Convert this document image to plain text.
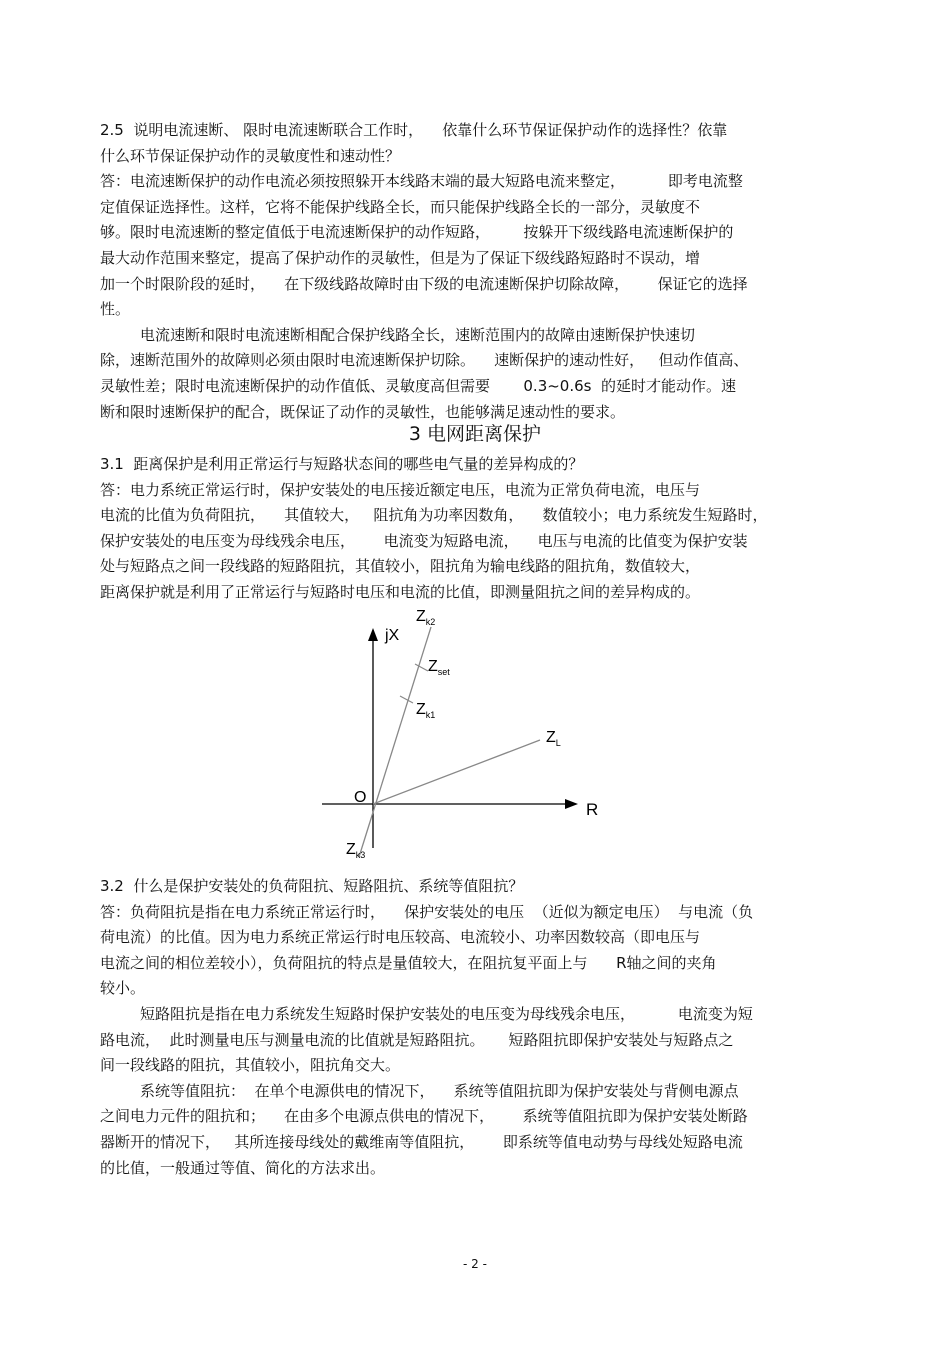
2.5  说明电流速断、 限时电流速断联合工作时，    依靠什么环节保证保护动作的选择性？依靠
什么环节保证保护动作的灵敏度性和速动性？
答：电流速断保护的动作电流必须按照躲开本线路末端的最大短路电流来整定，         即考电流整
定值保证选择性。这样，它将不能保护线路全长，而只能保护线路全长的一部分，灵敏度不
够。限时电流速断的整定值低于电流速断保护的动作短路，       按躲开下级线路电流速断保护的
最大动作范围来整定，提高了保护动作的灵敏性，但是为了保证下级线路短路时不误动，增
加一个时限阶段的延时，    在下级线路故障时由下级的电流速断保护切除故障，      保证它的选择
性。
电流速断和限时电流速断相配合保护线路全长，速断范围内的故障由速断保护快速切
除，速断范围外的故障则必须由限时电流速断保护切除。    速断保护的速动性好，   但动作值高、
灵敏性差；限时电流速断保护的动作值低、灵敏度高但需要       0.3~0.6s  的延时才能动作。速
断和限时速断保护的配合，既保证了动作的灵敏性，也能够满足速动性的要求。
3 电网距离保护
3.1  距离保护是利用正常运行与短路状态间的哪些电气量的差异构成的？
答：电力系统正常运行时，保护安装处的电压接近额定电压，电流为正常负荷电流，电压与
电流的比值为负荷阻抗，    其值较大，   阻抗角为功率因数角，    数值较小；电力系统发生短路时，
保护安装处的电压变为母线残余电压，      电流变为短路电流，    电压与电流的比值变为保护安装
处与短路点之间一段线路的短路阻抗，其值较小，阻抗角为输电线路的阻抗角，数值较大，
距离保护就是利用了正常运行与短路时电压和电流的比值，即测量阻抗之间的差异构成的。
jX
R
O
$Z_{k2}$
$Z_{set}$
$Z_{k1}$
$Z_L$
$Z_{k3}$
3.2  什么是保护安装处的负荷阻抗、短路阻抗、系统等值阻抗？
答：负荷阻抗是指在电力系统正常运行时，    保护安装处的电压  （近似为额定电压）  与电流（负
荷电流）的比值。因为电力系统正常运行时电压较高、电流较小、功率因数较高（即电压与
电流之间的相位差较小），负荷阻抗的特点是量值较大，在阻抗复平面上与      R轴之间的夹角
较小。
短路阻抗是指在电力系统发生短路时保护安装处的电压变为母线残余电压，         电流变为短
路电流，  此时测量电压与测量电流的比值就是短路阻抗。     短路阻抗即保护安装处与短路点之
间一段线路的阻抗，其值较小，阻抗角交大。
系统等值阻抗：  在单个电源供电的情况下，    系统等值阻抗即为保护安装处与背侧电源点
之间电力元件的阻抗和；    在由多个电源点供电的情况下，      系统等值阻抗即为保护安装处断路
器断开的情况下，   其所连接母线处的戴维南等值阻抗，      即系统等值电动势与母线处短路电流
的比值，一般通过等值、简化的方法求出。
- 2 -
